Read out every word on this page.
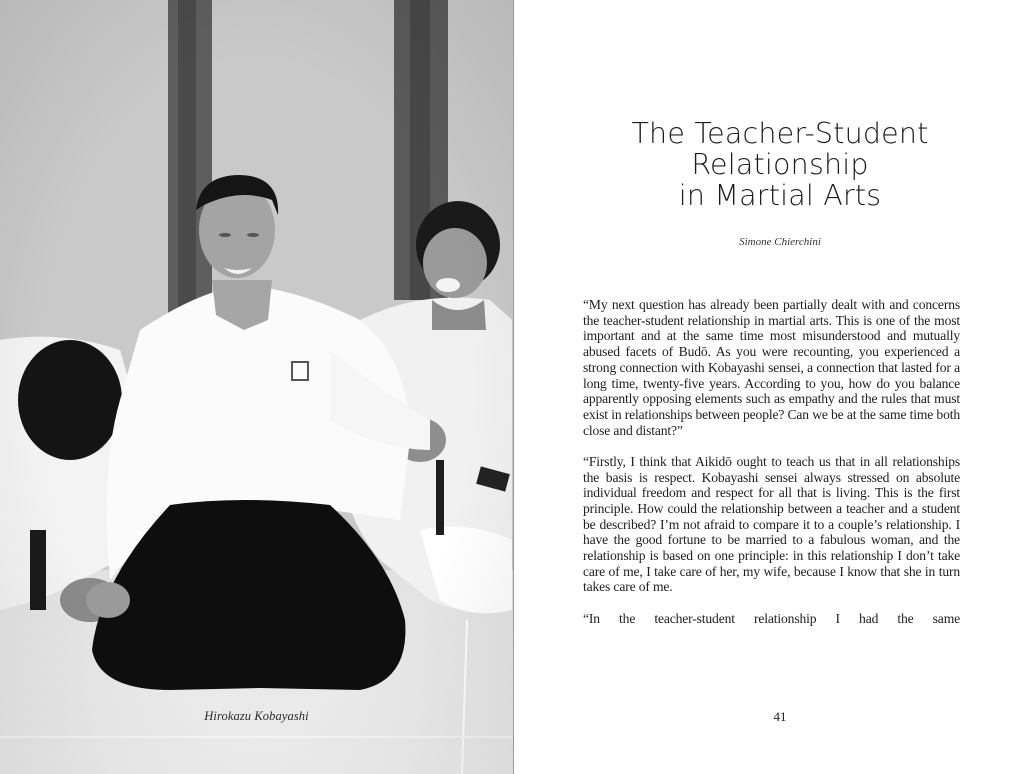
Hirokazu Kobayashi
The Teacher-Student
Relationship
in Martial Arts
Simone Chierchini

“My next question has already been partially dealt with and concerns the teacher-student relationship in martial arts. This is one of the most important and at the same time most misunderstood and mutually abused facets of Budō. As you were recounting, you experienced a strong connection with Kobayashi sensei, a connection that lasted for a long time, twenty-five years. According to you, how do you balance apparently opposing elements such as empathy and the rules that must exist in relationships between people? Can we be at the same time both close and distant?”

“Firstly, I think that Aikidō ought to teach us that in all relationships the basis is respect. Kobayashi sensei always stressed on absolute individual freedom and respect for all that is living. This is the first principle. How could the relationship between a teacher and a student be described? I’m not afraid to compare it to a couple’s relationship. I have the good fortune to be married to a fabulous woman, and the relationship is based on one principle: in this relationship I don’t take care of me, I take care of her, my wife, because I know that she in turn takes care of me.

“In the teacher-student relationship I had the same

41
